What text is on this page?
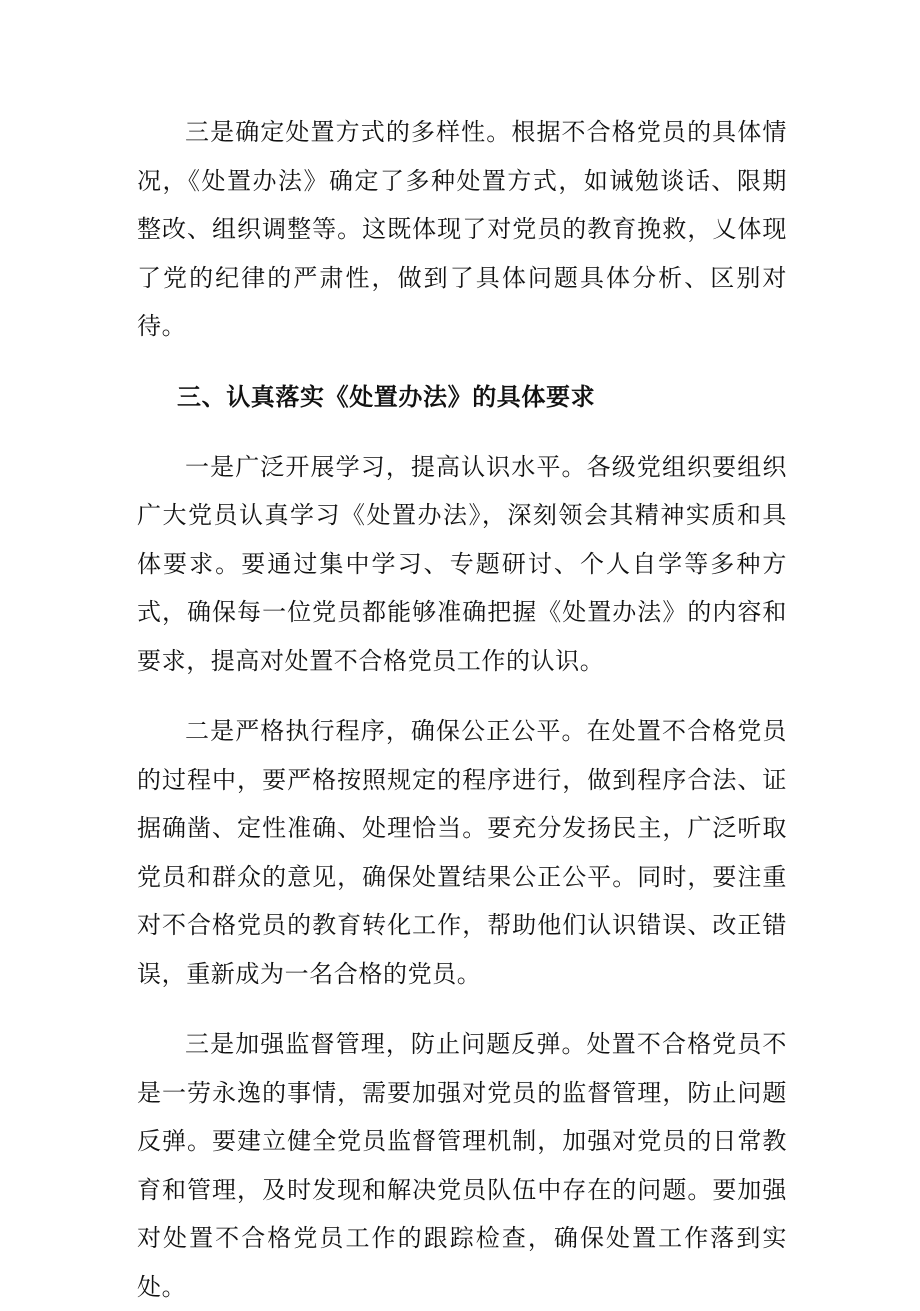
三是确定处置方式的多样性。根据不合格党员的具体情况，《处置办法》确定了多种处置方式，如诫勉谈话、限期整改、组织调整等。这既体现了对党员的教育挽救，乂体现了党的纪律的严肃性，做到了具体问题具体分析、区别对待。

三、认真落实《处置办法》的具体要求

一是广泛开展学习，提高认识水平。各级党组织要组织广大党员认真学习《处置办法》，深刻领会其精神实质和具体要求。要通过集中学习、专题研讨、个人自学等多种方式，确保每一位党员都能够准确把握《处置办法》的内容和要求，提高对处置不合格党员工作的认识。

二是严格执行程序，确保公正公平。在处置不合格党员的过程中，要严格按照规定的程序进行，做到程序合法、证据确凿、定性准确、处理恰当。要充分发扬民主，广泛听取党员和群众的意见，确保处置结果公正公平。同时，要注重对不合格党员的教育转化工作，帮助他们认识错误、改正错误，重新成为一名合格的党员。

三是加强监督管理，防止问题反弹。处置不合格党员不是一劳永逸的事情，需要加强对党员的监督管理，防止问题反弹。要建立健全党员监督管理机制，加强对党员的日常教育和管理，及时发现和解决党员队伍中存在的问题。要加强对处置不合格党员工作的跟踪检查，确保处置工作落到实处。
